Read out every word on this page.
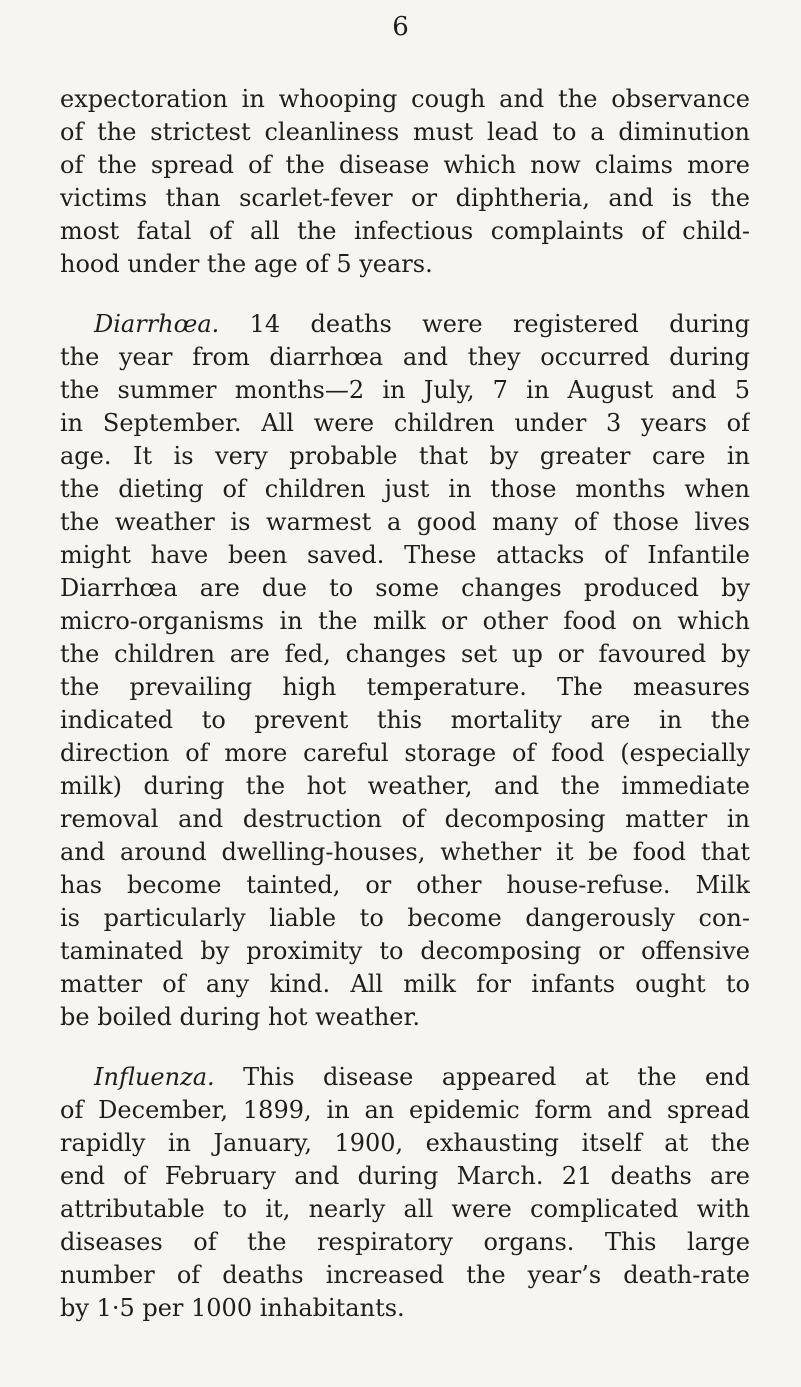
6

expectoration in whooping cough and the observance
of the strictest cleanliness must lead to a diminution
of the spread of the disease which now claims more
victims than scarlet-fever or diphtheria, and is the
most fatal of all the infectious complaints of child-
hood under the age of 5 years.

Diarrhœa. 14 deaths were registered during
the year from diarrhœa and they occurred during
the summer months—2 in July, 7 in August and 5
in September. All were children under 3 years of
age. It is very probable that by greater care in
the dieting of children just in those months when
the weather is warmest a good many of those lives
might have been saved. These attacks of Infantile
Diarrhœa are due to some changes produced by
micro-organisms in the milk or other food on which
the children are fed, changes set up or favoured by
the prevailing high temperature. The measures
indicated to prevent this mortality are in the
direction of more careful storage of food (especially
milk) during the hot weather, and the immediate
removal and destruction of decomposing matter in
and around dwelling-houses, whether it be food that
has become tainted, or other house-refuse. Milk
is particularly liable to become dangerously con-
taminated by proximity to decomposing or offensive
matter of any kind. All milk for infants ought to
be boiled during hot weather.

Influenza. This disease appeared at the end
of December, 1899, in an epidemic form and spread
rapidly in January, 1900, exhausting itself at the
end of February and during March. 21 deaths are
attributable to it, nearly all were complicated with
diseases of the respiratory organs. This large
number of deaths increased the year’s death-rate
by 1·5 per 1000 inhabitants.
